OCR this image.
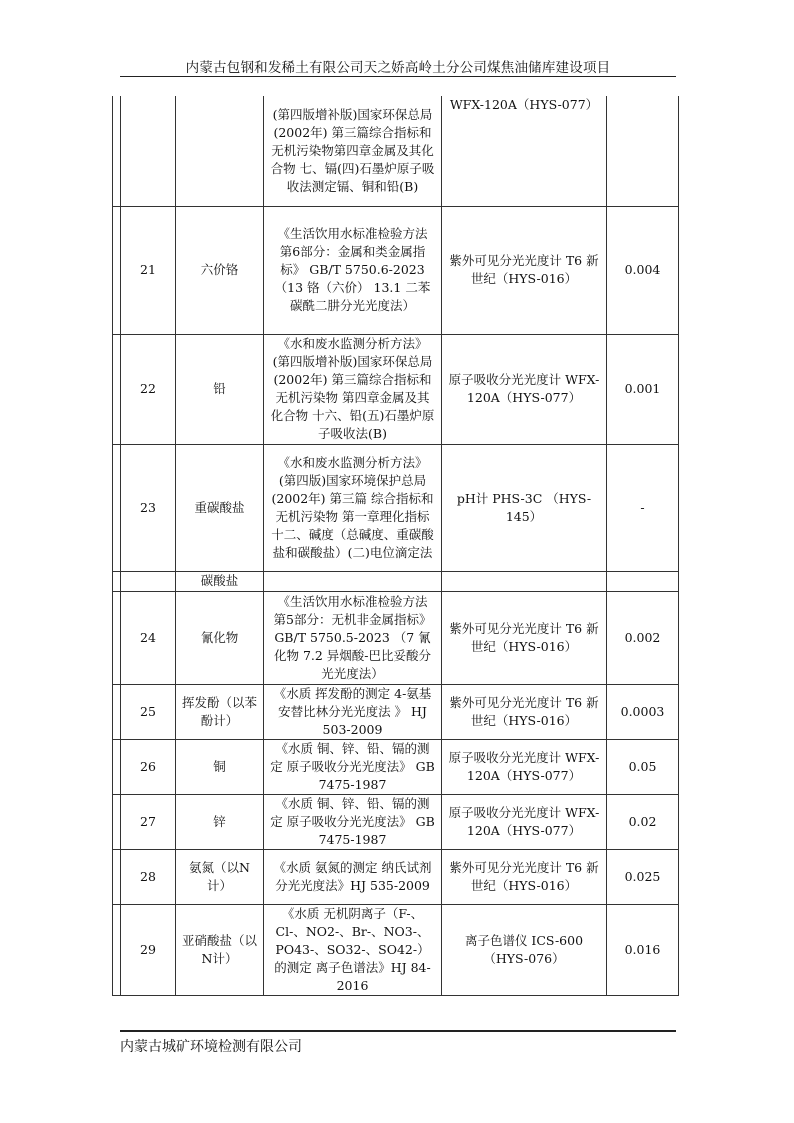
内蒙古包钢和发稀土有限公司天之娇高岭土分公司煤焦油储库建设项目
			(第四版增补版)国家环保总局(2002年) 第三篇综合指标和无机污染物第四章金属及其化合物 七、镉(四)石墨炉原子吸收法测定镉、铜和铅(B)	WFX-120A（HYS-077）	
	21	六价铬	《生活饮用水标准检验方法 第6部分：金属和类金属指标》 GB/T 5750.6-2023 （13 铬（六价） 13.1 二苯碳酰二肼分光光度法）	紫外可见分光光度计 T6 新世纪（HYS-016）	0.004
	22	铅	《水和废水监测分析方法》(第四版增补版)国家环保总局(2002年) 第三篇综合指标和无机污染物 第四章金属及其化合物 十六、铅(五)石墨炉原子吸收法(B)	原子吸收分光光度计 WFX-120A（HYS-077）	0.001
	23	重碳酸盐	《水和废水监测分析方法》(第四版)国家环境保护总局(2002年) 第三篇 综合指标和无机污染物 第一章理化指标 十二、碱度（总碱度、重碳酸盐和碳酸盐）(二)电位滴定法	pH计 PHS-3C （HYS-145）	-
		碳酸盐			
	24	氰化物	《生活饮用水标准检验方法 第5部分：无机非金属指标》 GB/T 5750.5-2023 （7 氰化物 7.2 异烟酸-巴比妥酸分光光度法）	紫外可见分光光度计 T6 新世纪（HYS-016）	0.002
	25	挥发酚（以苯酚计）	《水质 挥发酚的测定 4-氨基安替比林分光光度法 》 HJ 503-2009	紫外可见分光光度计 T6 新世纪（HYS-016）	0.0003
	26	铜	《水质 铜、锌、铅、镉的测定 原子吸收分光光度法》 GB 7475-1987	原子吸收分光光度计 WFX-120A（HYS-077）	0.05
	27	锌	《水质 铜、锌、铅、镉的测定 原子吸收分光光度法》 GB 7475-1987	原子吸收分光光度计 WFX-120A（HYS-077）	0.02
	28	氨氮（以N计）	《水质 氨氮的测定 纳氏试剂分光光度法》HJ 535-2009	紫外可见分光光度计 T6 新世纪（HYS-016）	0.025
	29	亚硝酸盐（以N计）	《水质 无机阴离子（F-、Cl-、NO2-、Br-、NO3-、PO43-、SO32-、SO42-）的测定 离子色谱法》HJ 84-2016	离子色谱仪 ICS-600 （HYS-076）	0.016
内蒙古城矿环境检测有限公司
